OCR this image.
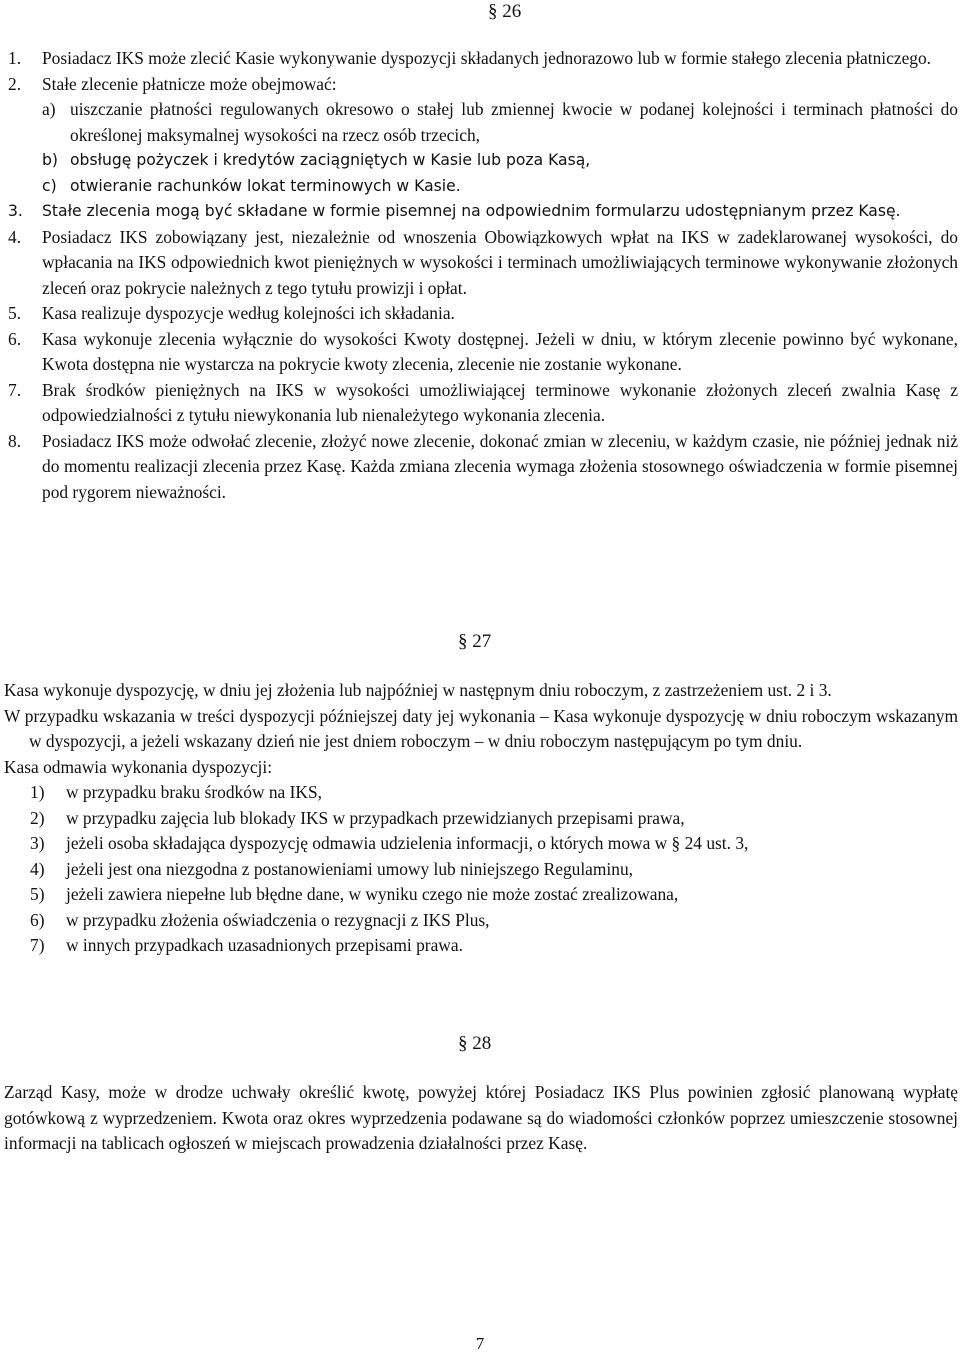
§ 26
1. Posiadacz IKS może zlecić Kasie wykonywanie dyspozycji składanych jednorazowo lub w formie stałego zlecenia płatniczego.
2. Stałe zlecenie płatnicze może obejmować:
a) uiszczanie płatności regulowanych okresowo o stałej lub zmiennej kwocie w podanej kolejności i terminach płatności do określonej maksymalnej wysokości na rzecz osób trzecich,
b) obsługę pożyczek i kredytów zaciągniętych w Kasie lub poza Kasą,
c) otwieranie rachunków lokat terminowych w Kasie.
3. Stałe zlecenia mogą być składane w formie pisemnej na odpowiednim formularzu udostępnianym przez Kasę.
4. Posiadacz IKS zobowiązany jest, niezależnie od wnoszenia Obowiązkowych wpłat na IKS w zadeklarowanej wysokości, do wpłacania na IKS odpowiednich kwot pieniężnych w wysokości i terminach umożliwiających terminowe wykonywanie złożonych zleceń oraz pokrycie należnych z tego tytułu prowizji i opłat.
5. Kasa realizuje dyspozycje według kolejności ich składania.
6. Kasa wykonuje zlecenia wyłącznie do wysokości Kwoty dostępnej. Jeżeli w dniu, w którym zlecenie powinno być wykonane, Kwota dostępna nie wystarcza na pokrycie kwoty zlecenia, zlecenie nie zostanie wykonane.
7. Brak środków pieniężnych na IKS w wysokości umożliwiającej terminowe wykonanie złożonych zleceń zwalnia Kasę z odpowiedzialności z tytułu niewykonania lub nienależytego wykonania zlecenia.
8. Posiadacz IKS może odwołać zlecenie, złożyć nowe zlecenie, dokonać zmian w zleceniu, w każdym czasie, nie później jednak niż do momentu realizacji zlecenia przez Kasę. Każda zmiana zlecenia wymaga złożenia stosownego oświadczenia w formie pisemnej pod rygorem nieważności.
§ 27
Kasa wykonuje dyspozycję, w dniu jej złożenia lub najpóźniej w następnym dniu roboczym, z zastrzeżeniem ust. 2 i 3.
W przypadku wskazania w treści dyspozycji późniejszej daty jej wykonania – Kasa wykonuje dyspozycję w dniu roboczym wskazanym w dyspozycji, a jeżeli wskazany dzień nie jest dniem roboczym – w dniu roboczym następującym po tym dniu.
Kasa odmawia wykonania dyspozycji:
1) w przypadku braku środków na IKS,
2) w przypadku zajęcia lub blokady IKS w przypadkach przewidzianych przepisami prawa,
3) jeżeli osoba składająca dyspozycję odmawia udzielenia informacji, o których mowa w § 24 ust. 3,
4) jeżeli jest ona niezgodna z postanowieniami umowy lub niniejszego Regulaminu,
5) jeżeli zawiera niepełne lub błędne dane, w wyniku czego nie może zostać zrealizowana,
6) w przypadku złożenia oświadczenia o rezygnacji z IKS Plus,
7) w innych przypadkach uzasadnionych przepisami prawa.
§ 28
Zarząd Kasy, może w drodze uchwały określić kwotę, powyżej której Posiadacz IKS Plus powinien zgłosić planowaną wypłatę gotówkową z wyprzedzeniem. Kwota oraz okres wyprzedzenia podawane są do wiadomości członków poprzez umieszczenie stosownej informacji na tablicach ogłoszeń w miejscach prowadzenia działalności przez Kasę.
7
